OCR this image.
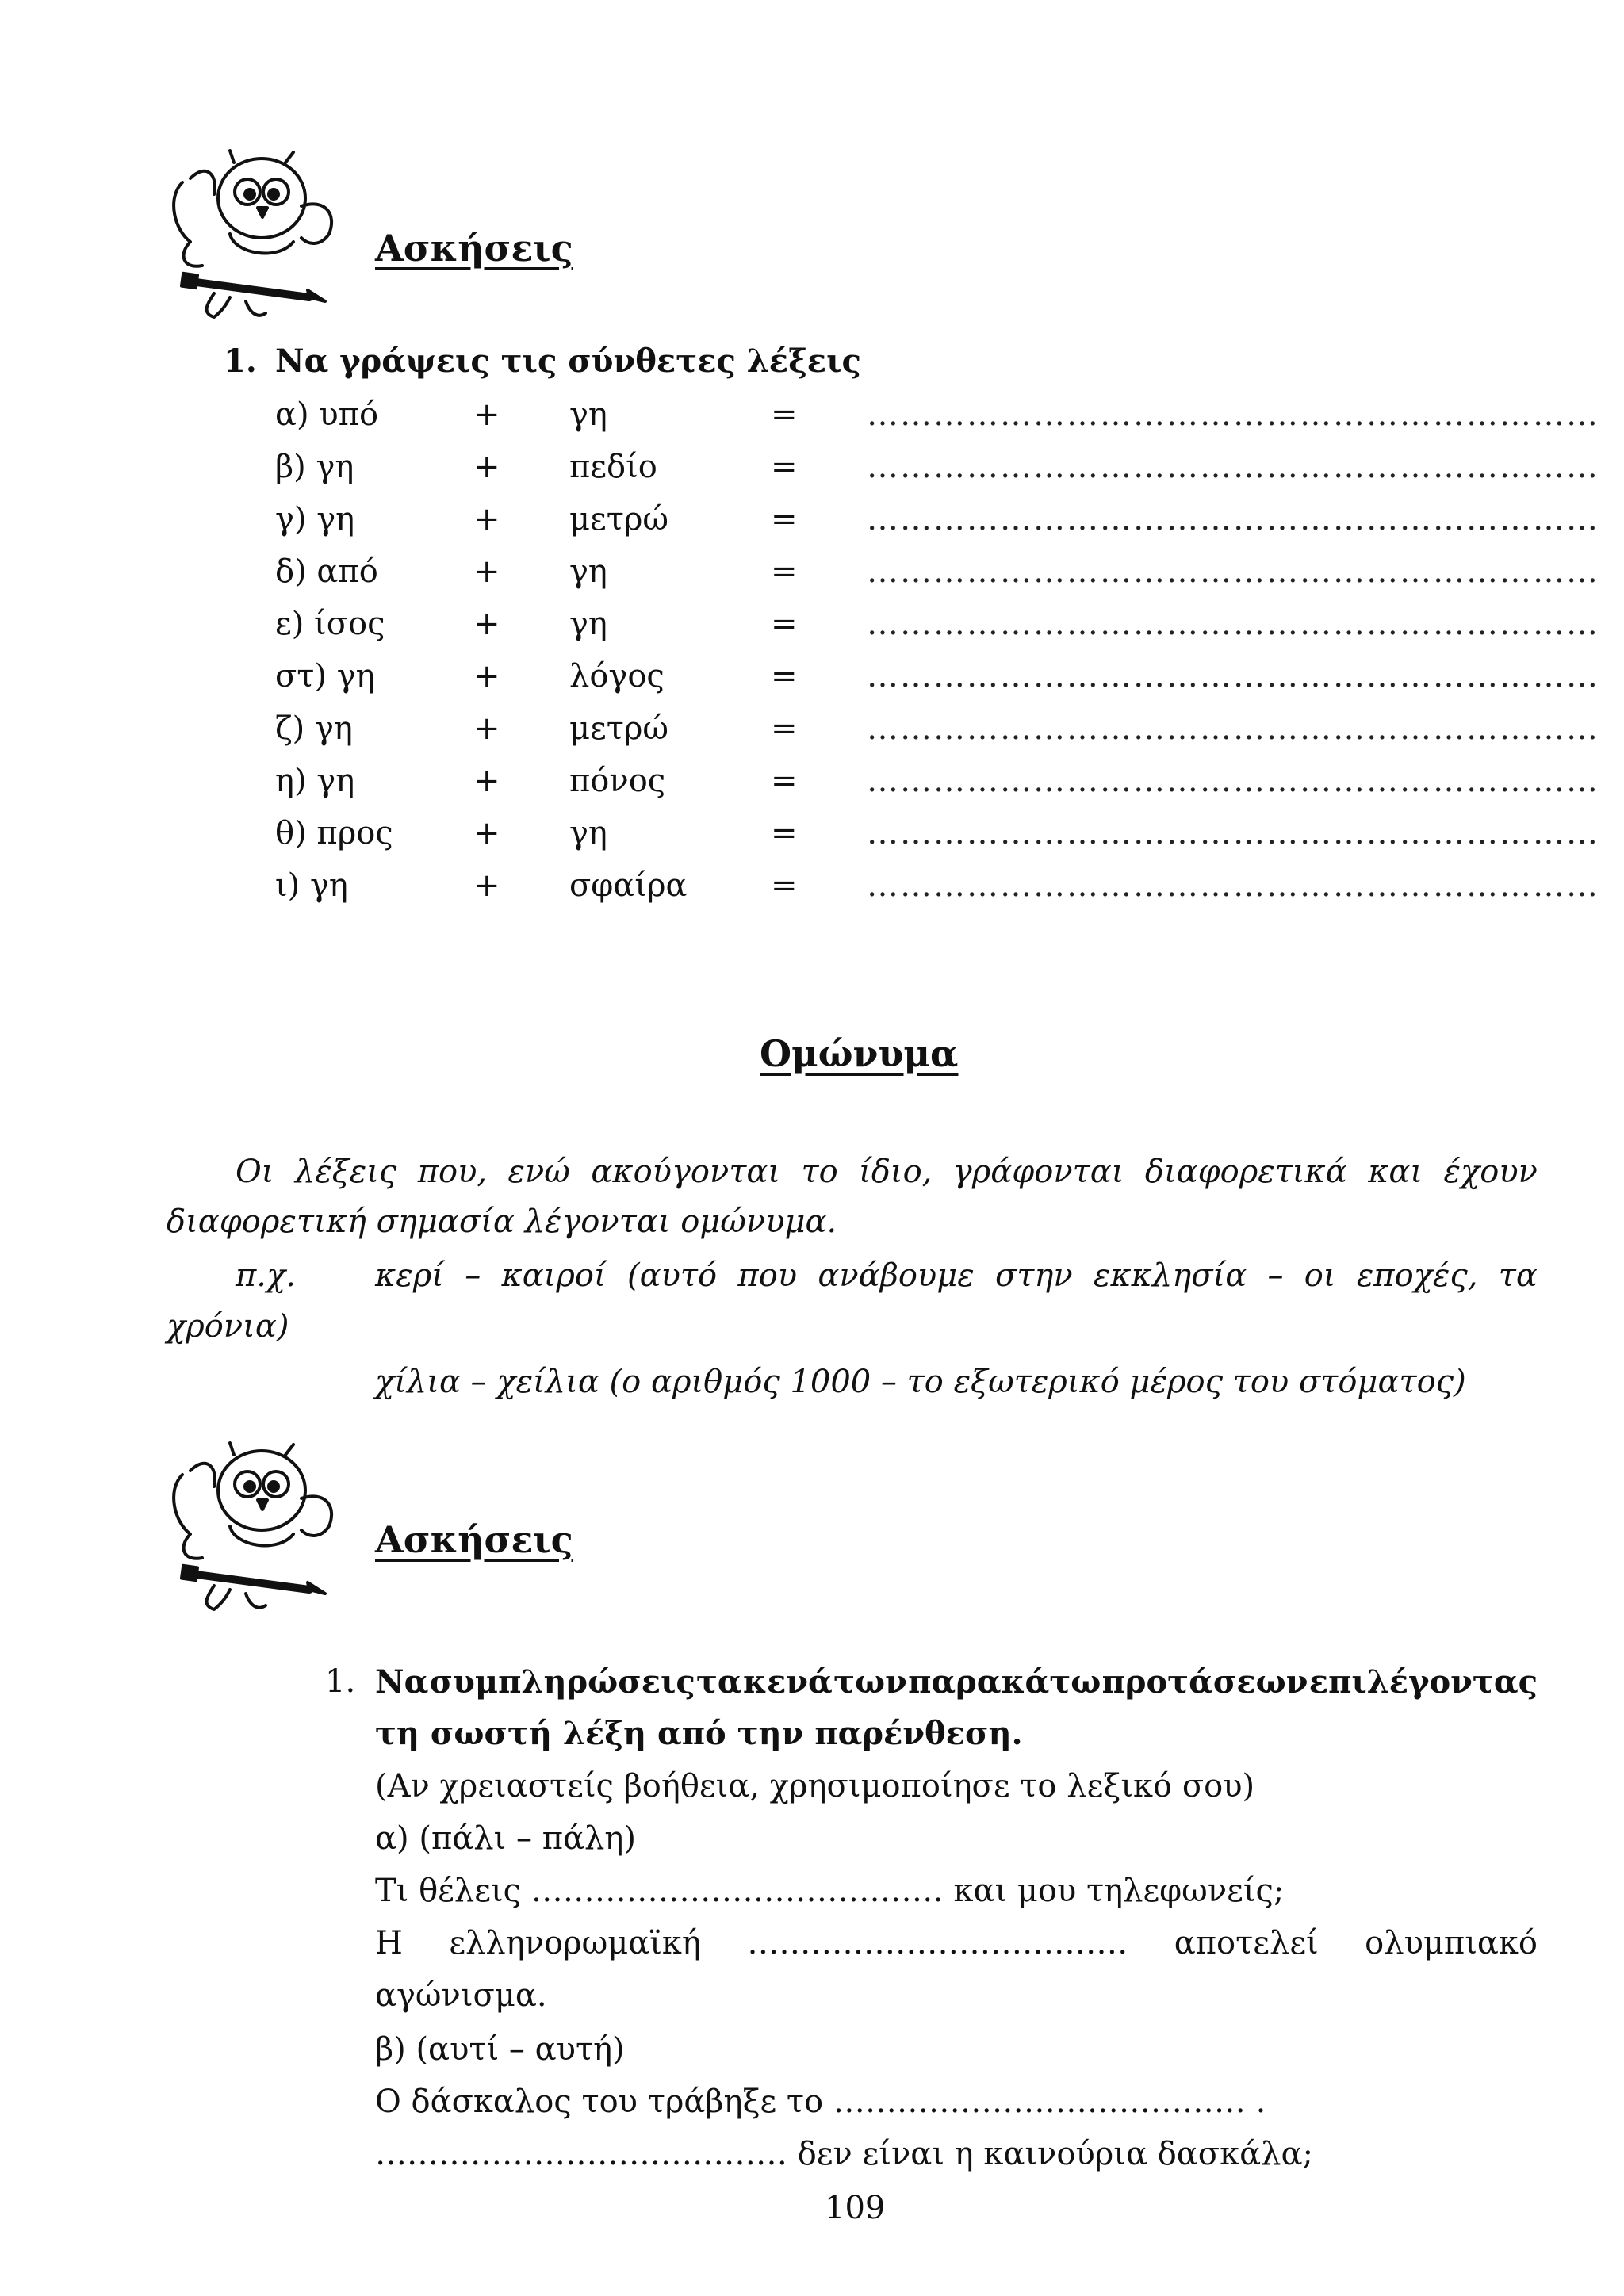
Ασκήσεις
1. Να γράψεις τις σύνθετες λέξεις
α) υπό	+ γη	= …………………………………………………………
β) γη	+ πεδίο	= …………………………………………………………
γ) γη	+ μετρώ	= …………………………………………………………
δ) από	+ γη	= …………………………………………………………
ε) ίσος	+ γη	= …………………………………………………………
στ) γη	+ λόγος	= …………………………………………………………
ζ) γη	+ μετρώ	= …………………………………………………………
η) γη	+ πόνος	= …………………………………………………………
θ) προς	+ γη	= …………………………………………………………
ι) γη	+ σφαίρα	= …………………………………………………………
Ομώνυμα
Οι λέξεις που, ενώ ακούγονται το ίδιο, γράφονται διαφορετικά και έχουν
διαφορετική σημασία λέγονται ομώνυμα.
π.χ.	κερί – καιροί (αυτό που ανάβουμε στην εκκλησία – οι εποχές, τα
χρόνια)
χίλια – χείλια (ο αριθμός 1000 – το εξωτερικό μέρος του στόματος)
Ασκήσεις
1. Να συμπληρώσεις τα κενά των παρακάτω προτάσεων επιλέγοντας
τη σωστή λέξη από την παρένθεση.
(Αν χρειαστείς βοήθεια, χρησιμοποίησε το λεξικό σου)
α) (πάλι – πάλη)
Τι θέλεις ………………………………… και μου τηλεφωνείς;
Η ελληνορωμαϊκή ……………………………… αποτελεί ολυμπιακό
αγώνισμα.
β) (αυτί – αυτή)
Ο δάσκαλος του τράβηξε το ………………………………… .
………………………………… δεν είναι η καινούρια δασκάλα;
109
